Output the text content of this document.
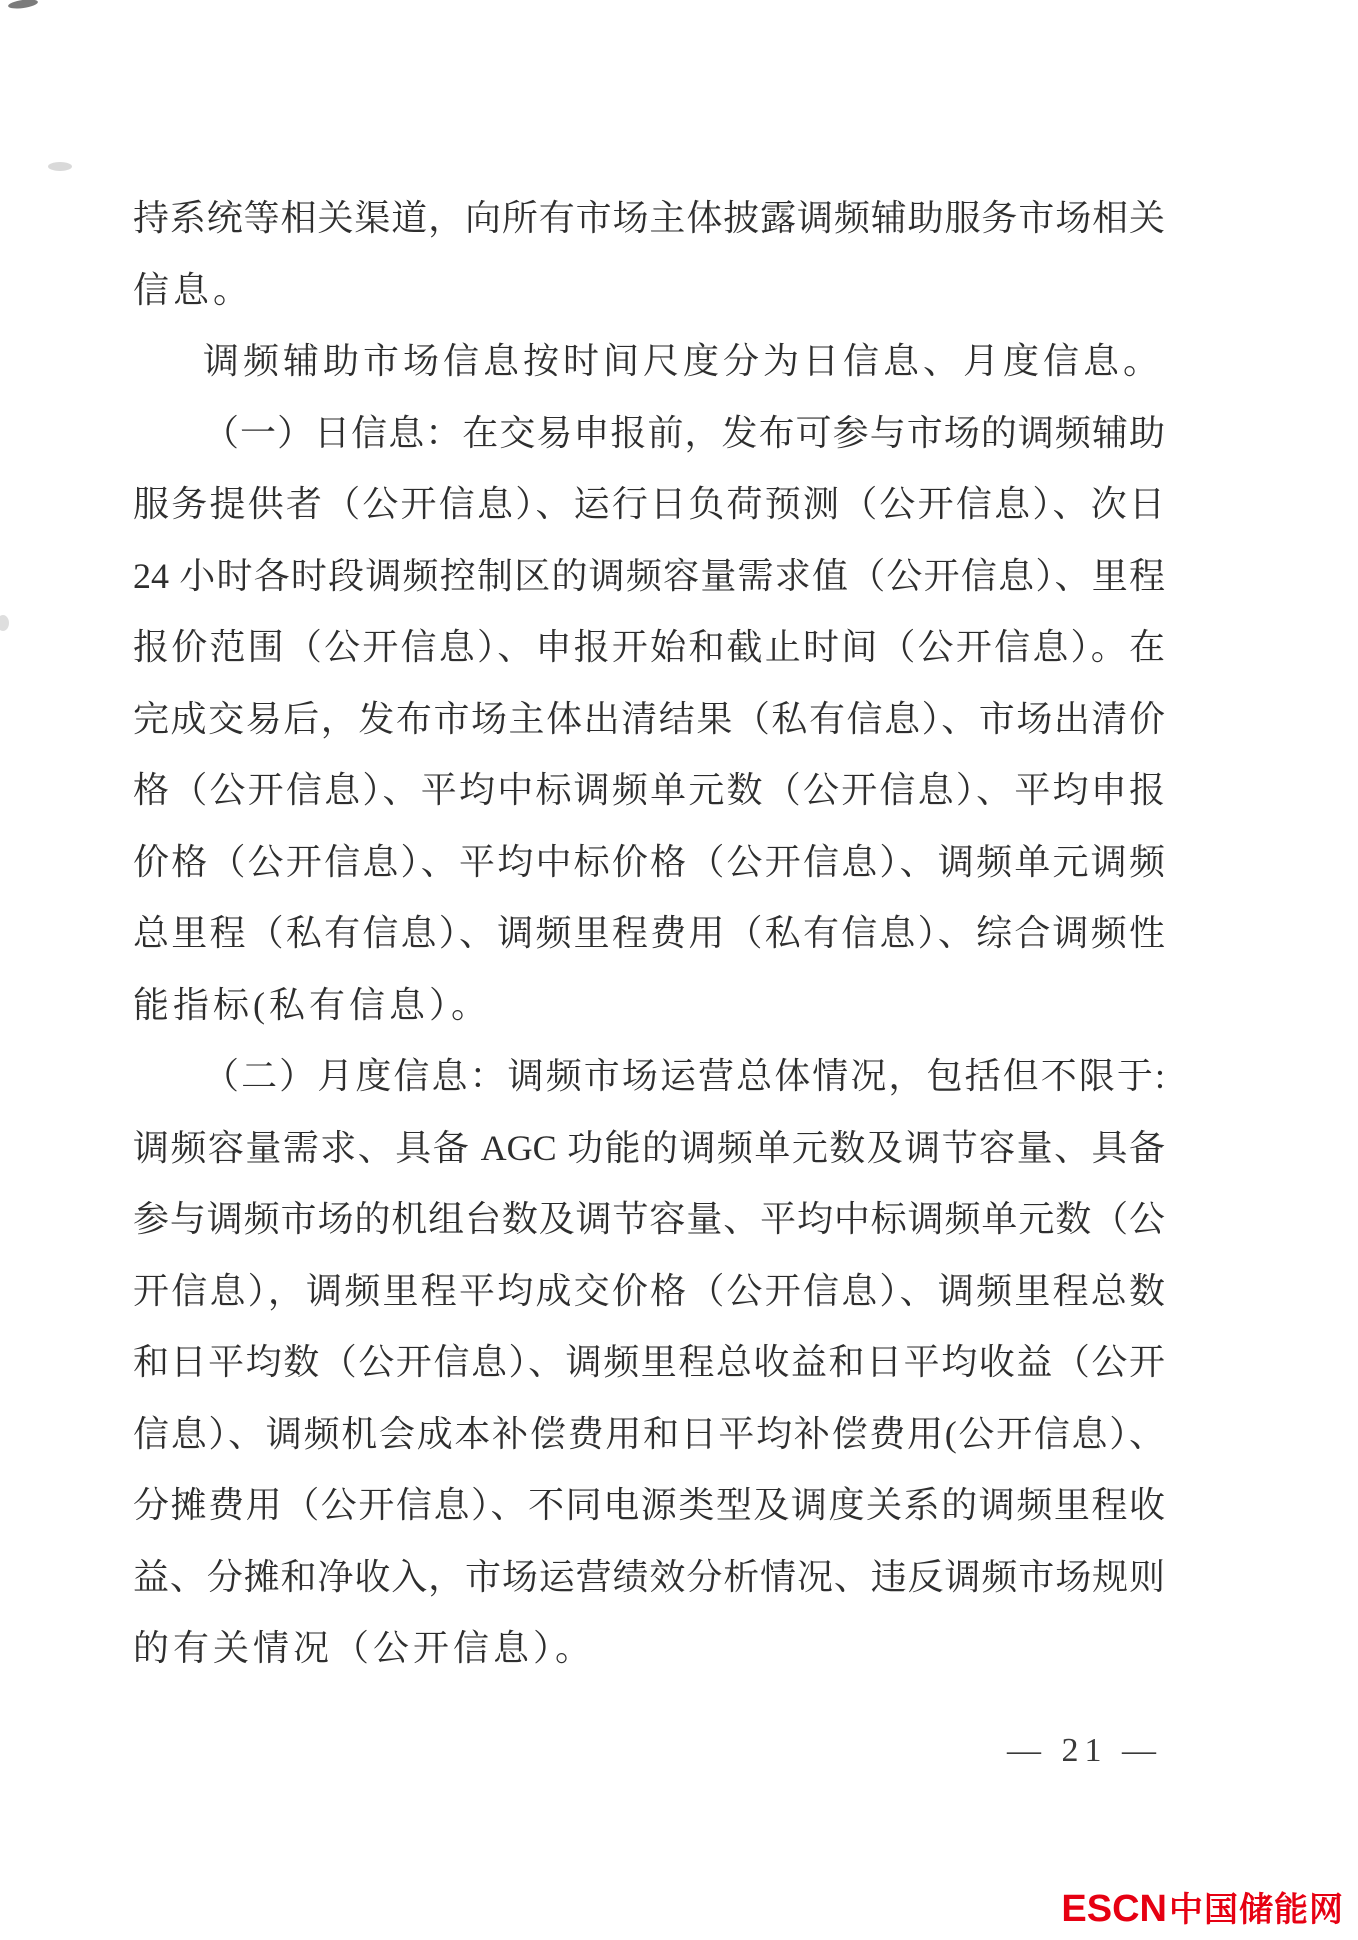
持系统等相关渠道，向所有市场主体披露调频辅助服务市场相关
信息。
调频辅助市场信息按时间尺度分为日信息、月度信息。
（一）日信息：在交易申报前，发布可参与市场的调频辅助
服务提供者（公开信息）、运行日负荷预测（公开信息）、次日
24 小时各时段调频控制区的调频容量需求值（公开信息）、里程
报价范围（公开信息）、申报开始和截止时间（公开信息）。在
完成交易后，发布市场主体出清结果（私有信息）、市场出清价
格（公开信息）、平均中标调频单元数（公开信息）、平均申报
价格（公开信息）、平均中标价格（公开信息）、调频单元调频
总里程（私有信息）、调频里程费用（私有信息）、综合调频性
能指标(私有信息）。
（二）月度信息：调频市场运营总体情况，包括但不限于:
调频容量需求、具备 AGC 功能的调频单元数及调节容量、具备
参与调频市场的机组台数及调节容量、平均中标调频单元数（公
开信息），调频里程平均成交价格（公开信息）、调频里程总数
和日平均数（公开信息）、调频里程总收益和日平均收益（公开
信息）、调频机会成本补偿费用和日平均补偿费用(公开信息）、
分摊费用（公开信息）、不同电源类型及调度关系的调频里程收
益、分摊和净收入，市场运营绩效分析情况、违反调频市场规则
的有关情况（公开信息）。
— 21 —
ESCN 中国储能网
